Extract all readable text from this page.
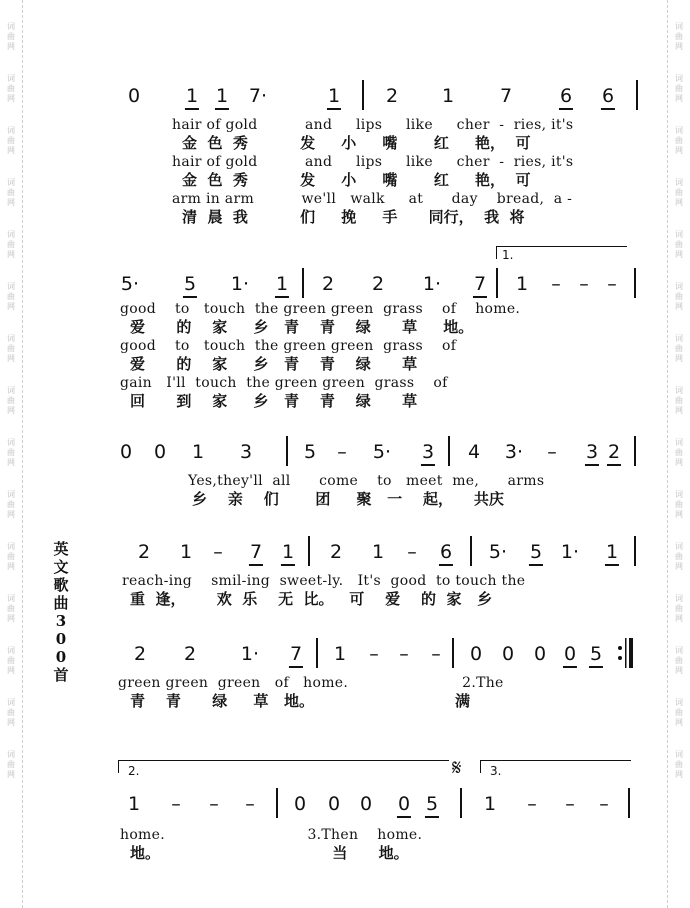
词
曲
网
词
曲
网
词
曲
网
词
曲
网
词
曲
网
词
曲
网
词
曲
网
词
曲
网
词
曲
网
词
曲
网
词
曲
网
词
曲
网
词
曲
网
词
曲
网
词
曲
网
词
曲
网
词
曲
网
词
曲
网
词
曲
网
词
曲
网
词
曲
网
词
曲
网
词
曲
网
词
曲
网
词
曲
网
词
曲
网
词
曲
网
词
曲
网
词
曲
网
词
曲
网
英
文
歌
曲
3
0
0
首
0 1 1 7·	1 2 1 7	6 6
hair of gold          and     lips     like     cher  -  ries, it's
金  色  秀          发     小     嘴       红     艳，  可
hair of gold          and     lips     like     cher  -  ries, it's
金  色  秀          发     小     嘴       红     艳，  可
arm in arm          we'll   walk     at      day    bread,  a -
清  晨  我          们     挽     手      同行，  我  将
1.
5· 5 1· 1 2 2 1· 7 1 – – –
good    to   touch  the green green  grass    of    home.
爱      的    家     乡   青    青    绿      草     地。
good    to   touch  the green green  grass    of
爱      的    家     乡   青    青    绿      草
gain   I'll  touch  the green green  grass    of
回      到    家     乡   青    青    绿      草
0 0 1 3	5 – 5· 3 4 3· – 3 2
Yes,they'll  all      come    to   meet  me,      arms
乡    亲    们       团     聚   一    起，    共庆
2 1 – 7 1 2 1 – 6 5· 5 1· 1
reach-ing    smil-ing  sweet-ly.   It's  good  to touch the
重  逢，      欢  乐    无  比。   可    爱    的  家   乡
2 2 1· 7 1 – – – 0 0 0 0 5
green green  green   of   home.                        2.The
青    青      绿     草   地。                           满
2.	𝄋 3.
1 – – – 0 0 0 0 5 1 – – –
home.                              3.Then    home.
地。                                 当      地。
